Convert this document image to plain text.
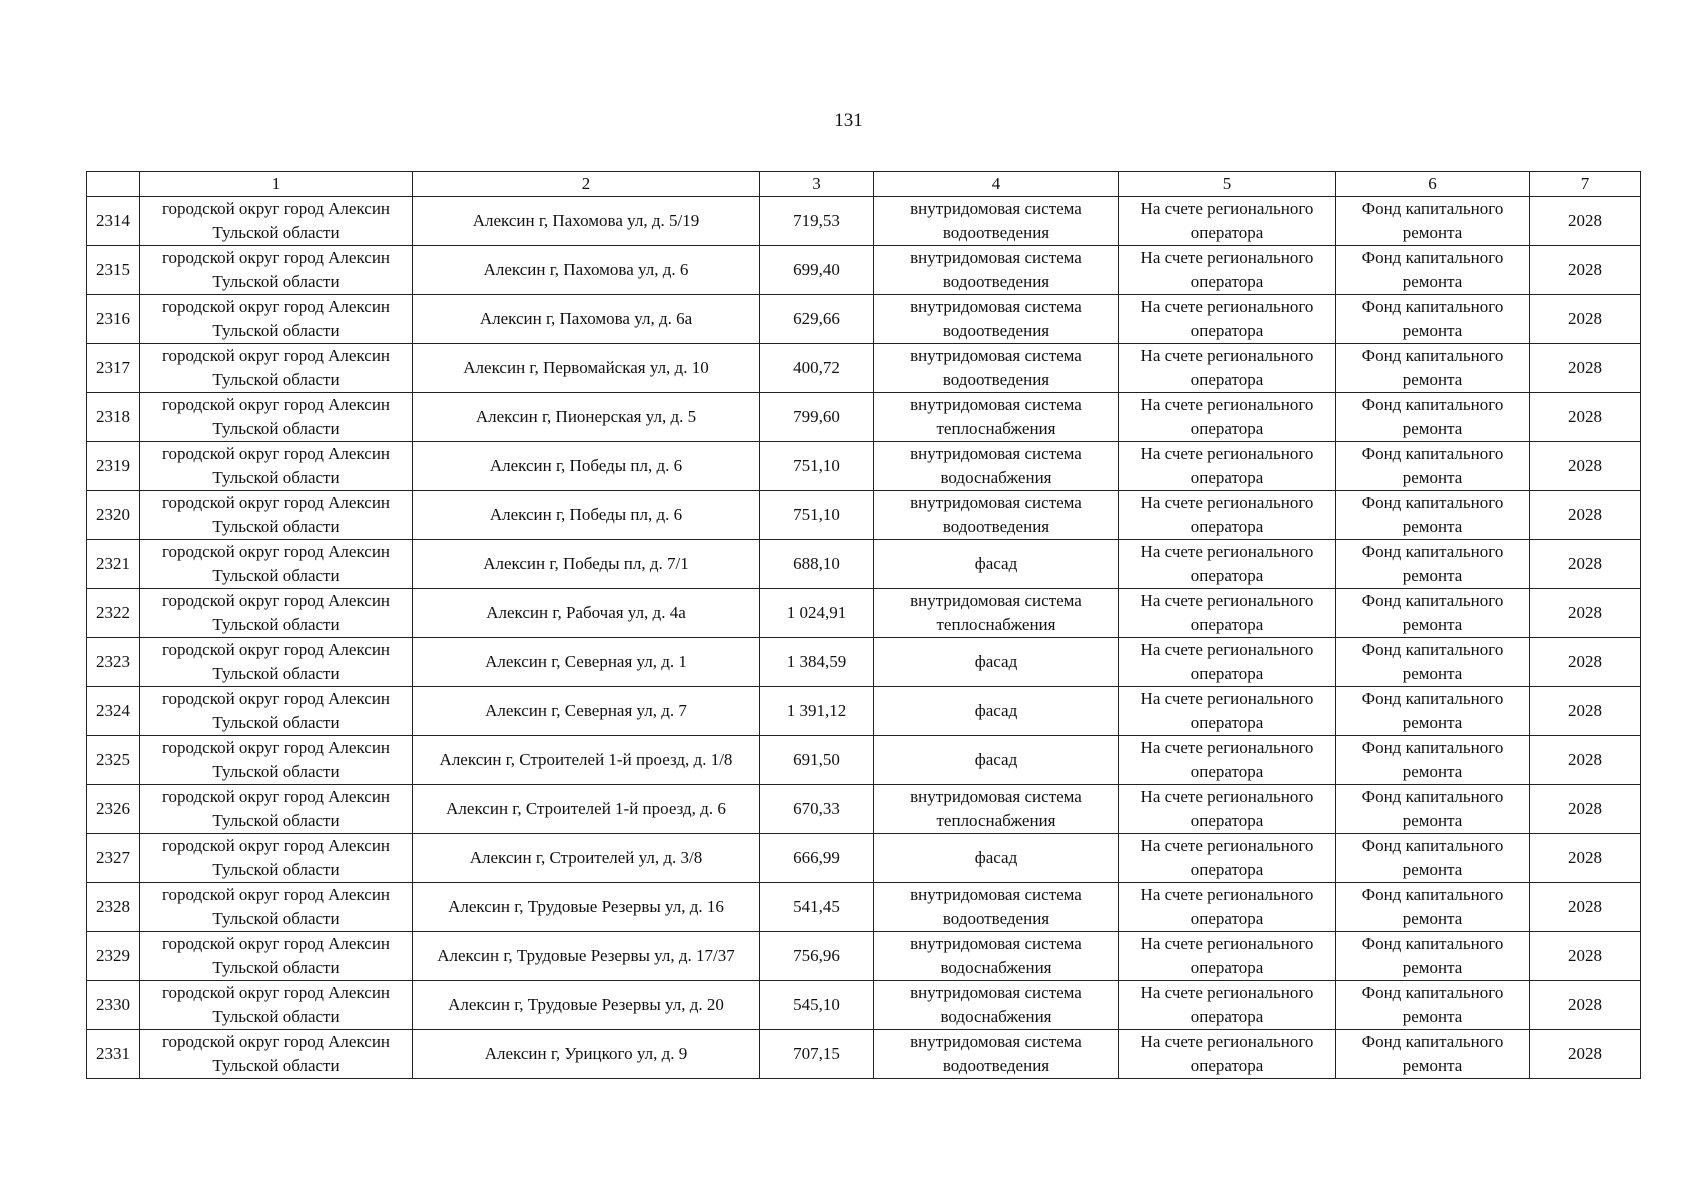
131
	1	2	3	4	5	6	7
2314	городской округ город Алексин
Тульской области	Алексин г, Пахомова ул, д. 5/19	719,53	внутридомовая система
водоотведения	На счете регионального
оператора	Фонд капитального
ремонта	2028
2315	городской округ город Алексин
Тульской области	Алексин г, Пахомова ул, д. 6	699,40	внутридомовая система
водоотведения	На счете регионального
оператора	Фонд капитального
ремонта	2028
2316	городской округ город Алексин
Тульской области	Алексин г, Пахомова ул, д. 6а	629,66	внутридомовая система
водоотведения	На счете регионального
оператора	Фонд капитального
ремонта	2028
2317	городской округ город Алексин
Тульской области	Алексин г, Первомайская ул, д. 10	400,72	внутридомовая система
водоотведения	На счете регионального
оператора	Фонд капитального
ремонта	2028
2318	городской округ город Алексин
Тульской области	Алексин г, Пионерская ул, д. 5	799,60	внутридомовая система
теплоснабжения	На счете регионального
оператора	Фонд капитального
ремонта	2028
2319	городской округ город Алексин
Тульской области	Алексин г, Победы пл, д. 6	751,10	внутридомовая система
водоснабжения	На счете регионального
оператора	Фонд капитального
ремонта	2028
2320	городской округ город Алексин
Тульской области	Алексин г, Победы пл, д. 6	751,10	внутридомовая система
водоотведения	На счете регионального
оператора	Фонд капитального
ремонта	2028
2321	городской округ город Алексин
Тульской области	Алексин г, Победы пл, д. 7/1	688,10	фасад	На счете регионального
оператора	Фонд капитального
ремонта	2028
2322	городской округ город Алексин
Тульской области	Алексин г, Рабочая ул, д. 4а	1 024,91	внутридомовая система
теплоснабжения	На счете регионального
оператора	Фонд капитального
ремонта	2028
2323	городской округ город Алексин
Тульской области	Алексин г, Северная ул, д. 1	1 384,59	фасад	На счете регионального
оператора	Фонд капитального
ремонта	2028
2324	городской округ город Алексин
Тульской области	Алексин г, Северная ул, д. 7	1 391,12	фасад	На счете регионального
оператора	Фонд капитального
ремонта	2028
2325	городской округ город Алексин
Тульской области	Алексин г, Строителей 1-й проезд, д. 1/8	691,50	фасад	На счете регионального
оператора	Фонд капитального
ремонта	2028
2326	городской округ город Алексин
Тульской области	Алексин г, Строителей 1-й проезд, д. 6	670,33	внутридомовая система
теплоснабжения	На счете регионального
оператора	Фонд капитального
ремонта	2028
2327	городской округ город Алексин
Тульской области	Алексин г, Строителей ул, д. 3/8	666,99	фасад	На счете регионального
оператора	Фонд капитального
ремонта	2028
2328	городской округ город Алексин
Тульской области	Алексин г, Трудовые Резервы ул, д. 16	541,45	внутридомовая система
водоотведения	На счете регионального
оператора	Фонд капитального
ремонта	2028
2329	городской округ город Алексин
Тульской области	Алексин г, Трудовые Резервы ул, д. 17/37	756,96	внутридомовая система
водоснабжения	На счете регионального
оператора	Фонд капитального
ремонта	2028
2330	городской округ город Алексин
Тульской области	Алексин г, Трудовые Резервы ул, д. 20	545,10	внутридомовая система
водоснабжения	На счете регионального
оператора	Фонд капитального
ремонта	2028
2331	городской округ город Алексин
Тульской области	Алексин г, Урицкого ул, д. 9	707,15	внутридомовая система
водоотведения	На счете регионального
оператора	Фонд капитального
ремонта	2028
